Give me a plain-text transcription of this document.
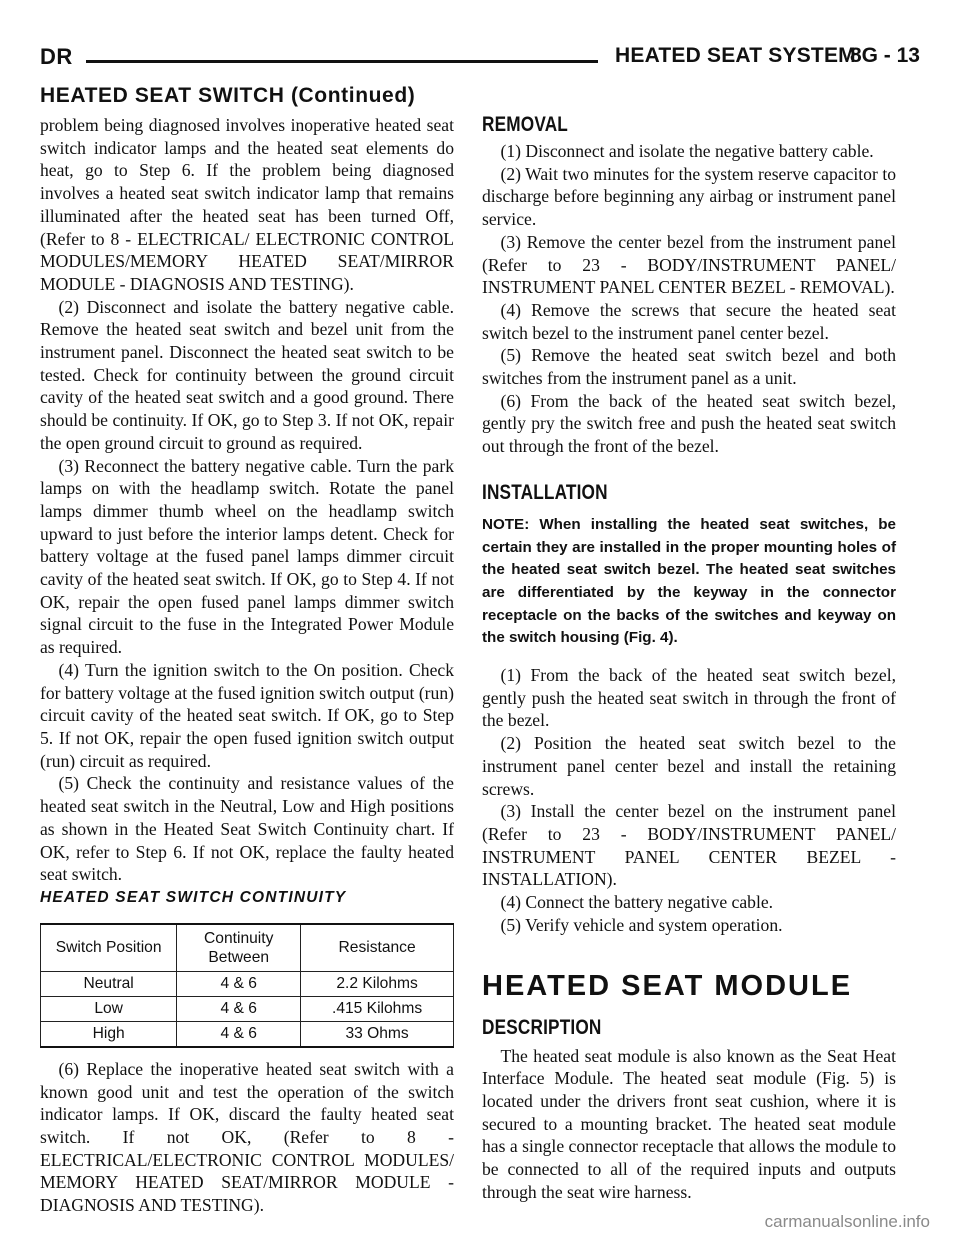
DR	HEATED SEAT SYSTEM
8G - 13
HEATED SEAT SWITCH (Continued)

problem being diagnosed involves inoperative heated seat switch indicator lamps and the heated seat elements do heat, go to Step 6. If the problem being diagnosed involves a heated seat switch indicator lamp that remains illuminated after the heated seat has been turned Off, (Refer to 8 - ELECTRICAL/ ELECTRONIC CONTROL MODULES/MEMORY HEATED SEAT/MIRROR MODULE - DIAGNOSIS AND TESTING).

(2) Disconnect and isolate the battery negative cable. Remove the heated seat switch and bezel unit from the instrument panel. Disconnect the heated seat switch to be tested. Check for continuity between the ground circuit cavity of the heated seat switch and a good ground. There should be continuity. If OK, go to Step 3. If not OK, repair the open ground circuit to ground as required.

(3) Reconnect the battery negative cable. Turn the park lamps on with the headlamp switch. Rotate the panel lamps dimmer thumb wheel on the headlamp switch upward to just before the interior lamps detent. Check for battery voltage at the fused panel lamps dimmer circuit cavity of the heated seat switch. If OK, go to Step 4. If not OK, repair the open fused panel lamps dimmer switch signal circuit to the fuse in the Integrated Power Module as required.

(4) Turn the ignition switch to the On position. Check for battery voltage at the fused ignition switch output (run) circuit cavity of the heated seat switch. If OK, go to Step 5. If not OK, repair the open fused ignition switch output (run) circuit as required.

(5) Check the continuity and resistance values of the heated seat switch in the Neutral, Low and High positions as shown in the Heated Seat Switch Continuity chart. If OK, refer to Step 6. If not OK, replace the faulty heated seat switch.

HEATED SEAT SWITCH CONTINUITY

Switch Position	Continuity Between	Resistance
Neutral	4 & 6	2.2 Kilohms
Low	4 & 6	.415 Kilohms
High	4 & 6	33 Ohms

(6) Replace the inoperative heated seat switch with a known good unit and test the operation of the switch indicator lamps. If OK, discard the faulty heated seat switch. If not OK, (Refer to 8 - ELECTRICAL/ELECTRONIC CONTROL MODULES/ MEMORY HEATED SEAT/MIRROR MODULE - DIAGNOSIS AND TESTING).

REMOVAL

(1) Disconnect and isolate the negative battery cable.

(2) Wait two minutes for the system reserve capacitor to discharge before beginning any airbag or instrument panel service.

(3) Remove the center bezel from the instrument panel (Refer to 23 - BODY/INSTRUMENT PANEL/ INSTRUMENT PANEL CENTER BEZEL - REMOVAL).

(4) Remove the screws that secure the heated seat switch bezel to the instrument panel center bezel.

(5) Remove the heated seat switch bezel and both switches from the instrument panel as a unit.

(6) From the back of the heated seat switch bezel, gently pry the switch free and push the heated seat switch out through the front of the bezel.

INSTALLATION

NOTE: When installing the heated seat switches, be certain they are installed in the proper mounting holes of the heated seat switch bezel. The heated seat switches are differentiated by the keyway in the connector receptacle on the backs of the switches and keyway on the switch housing (Fig. 4).

(1) From the back of the heated seat switch bezel, gently push the heated seat switch in through the front of the bezel.

(2) Position the heated seat switch bezel to the instrument panel center bezel and install the retaining screws.

(3) Install the center bezel on the instrument panel (Refer to 23 - BODY/INSTRUMENT PANEL/ INSTRUMENT PANEL CENTER BEZEL - INSTALLATION).

(4) Connect the battery negative cable.

(5) Verify vehicle and system operation.

HEATED SEAT MODULE
DESCRIPTION

The heated seat module is also known as the Seat Heat Interface Module. The heated seat module (Fig. 5) is located under the drivers front seat cushion, where it is secured to a mounting bracket. The heated seat module has a single connector receptacle that allows the module to be connected to all of the required inputs and outputs through the seat wire harness.

carmanualsonline.info
